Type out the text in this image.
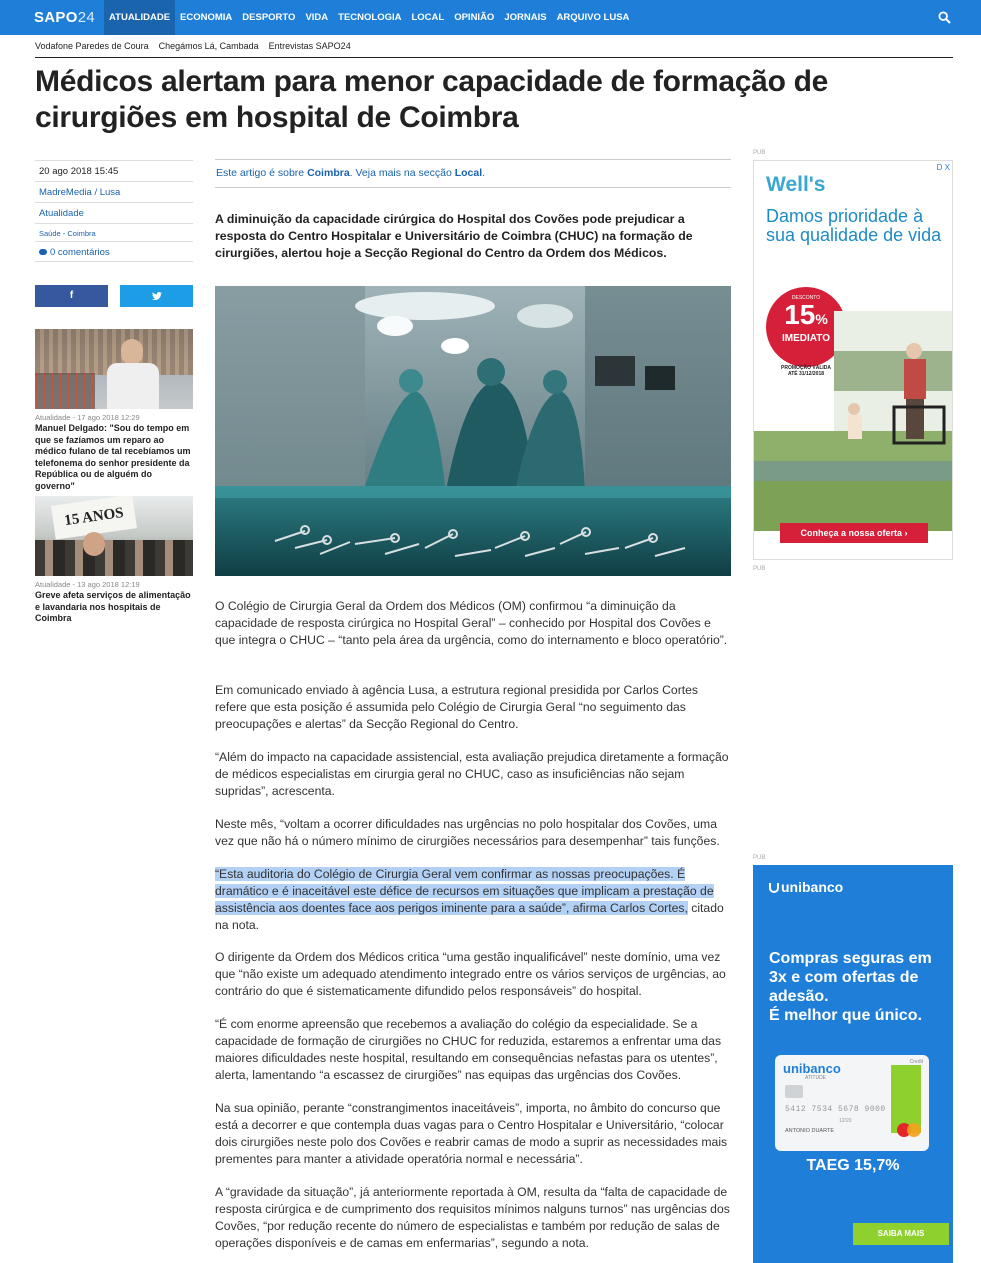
SAPO24	ATUALIDADE	ECONOMIA	DESPORTO	VIDA	TECNOLOGIA	LOCAL	OPINIÃO	JORNAIS	ARQUIVO LUSA
Vodafone Paredes de Coura Chegámos Lá, Cambada Entrevistas SAPO24
Médicos alertam para menor capacidade de formação de cirurgiões em hospital de Coimbra
20 ago 2018 15:45
MadreMedia / Lusa
Atualidade
Saúde - Coimbra
0 comentários
f
Atualidade - 17 ago 2018 12:29
Manuel Delgado: "Sou do tempo em que se fazíamos um reparo ao médico fulano de tal recebíamos um telefonema do senhor presidente da República ou de alguém do governo"
15 ANOS
Atualidade - 13 ago 2018 12:19
Greve afeta serviços de alimentação e lavandaria nos hospitais de Coimbra
Este artigo é sobre Coimbra. Veja mais na secção Local.
A diminuição da capacidade cirúrgica do Hospital dos Covões pode prejudicar a resposta do Centro Hospitalar e Universitário de Coimbra (CHUC) na formação de cirurgiões, alertou hoje a Secção Regional do Centro da Ordem dos Médicos.

O Colégio de Cirurgia Geral da Ordem dos Médicos (OM) confirmou “a diminuição da capacidade de resposta cirúrgica no Hospital Geral” – conhecido por Hospital dos Covões e que integra o CHUC – “tanto pela área da urgência, como do internamento e bloco operatório”.

Em comunicado enviado à agência Lusa, a estrutura regional presidida por Carlos Cortes refere que esta posição é assumida pelo Colégio de Cirurgia Geral “no seguimento das preocupações e alertas” da Secção Regional do Centro.

“Além do impacto na capacidade assistencial, esta avaliação prejudica diretamente a formação de médicos especialistas em cirurgia geral no CHUC, caso as insuficiências não sejam supridas”, acrescenta.

Neste mês, “voltam a ocorrer dificuldades nas urgências no polo hospitalar dos Covões, uma vez que não há o número mínimo de cirurgiões necessários para desempenhar” tais funções.

“Esta auditoria do Colégio de Cirurgia Geral vem confirmar as nossas preocupações. É dramático e é inaceitável este défice de recursos em situações que implicam a prestação de assistência aos doentes face aos perigos iminente para a saúde”, afirma Carlos Cortes, citado na nota.

O dirigente da Ordem dos Médicos critica “uma gestão inqualificável” neste domínio, uma vez que “não existe um adequado atendimento integrado entre os vários serviços de urgências, ao contrário do que é sistematicamente difundido pelos responsáveis” do hospital.

“É com enorme apreensão que recebemos a avaliação do colégio da especialidade. Se a capacidade de formação de cirurgiões no CHUC for reduzida, estaremos a enfrentar uma das maiores dificuldades neste hospital, resultando em consequências nefastas para os utentes”, alerta, lamentando “a escassez de cirurgiões” nas equipas das urgências dos Covões.

Na sua opinião, perante “constrangimentos inaceitáveis”, importa, no âmbito do concurso que está a decorrer e que contempla duas vagas para o Centro Hospitalar e Universitário, “colocar dois cirurgiões neste polo dos Covões e reabrir camas de modo a suprir as necessidades mais prementes para manter a atividade operatória normal e necessária”.

A “gravidade da situação”, já anteriormente reportada à OM, resulta da “falta de capacidade de resposta cirúrgica e de cumprimento dos requisitos mínimos nalguns turnos” nas urgências dos Covões, “por redução recente do número de especialistas e também por redução de salas de operações disponíveis e de camas em enfermarias”, segundo a nota.

PUB
D X
Well's
Damos prioridade à sua qualidade de vida
DESCONTO
15%
IMEDIATO
PROMOÇÃO VÁLIDA ATÉ 31/12/2018
Conheça a nossa oferta ›
PUB
PUB
unibanco
Compras seguras em 3x e com ofertas de adesão.
É melhor que único.
unibanco
ATITUDE
Credit
5412 7534 5678 9000
12/20
ANTONIO DUARTE
TAEG 15,7%
SAIBA MAIS
